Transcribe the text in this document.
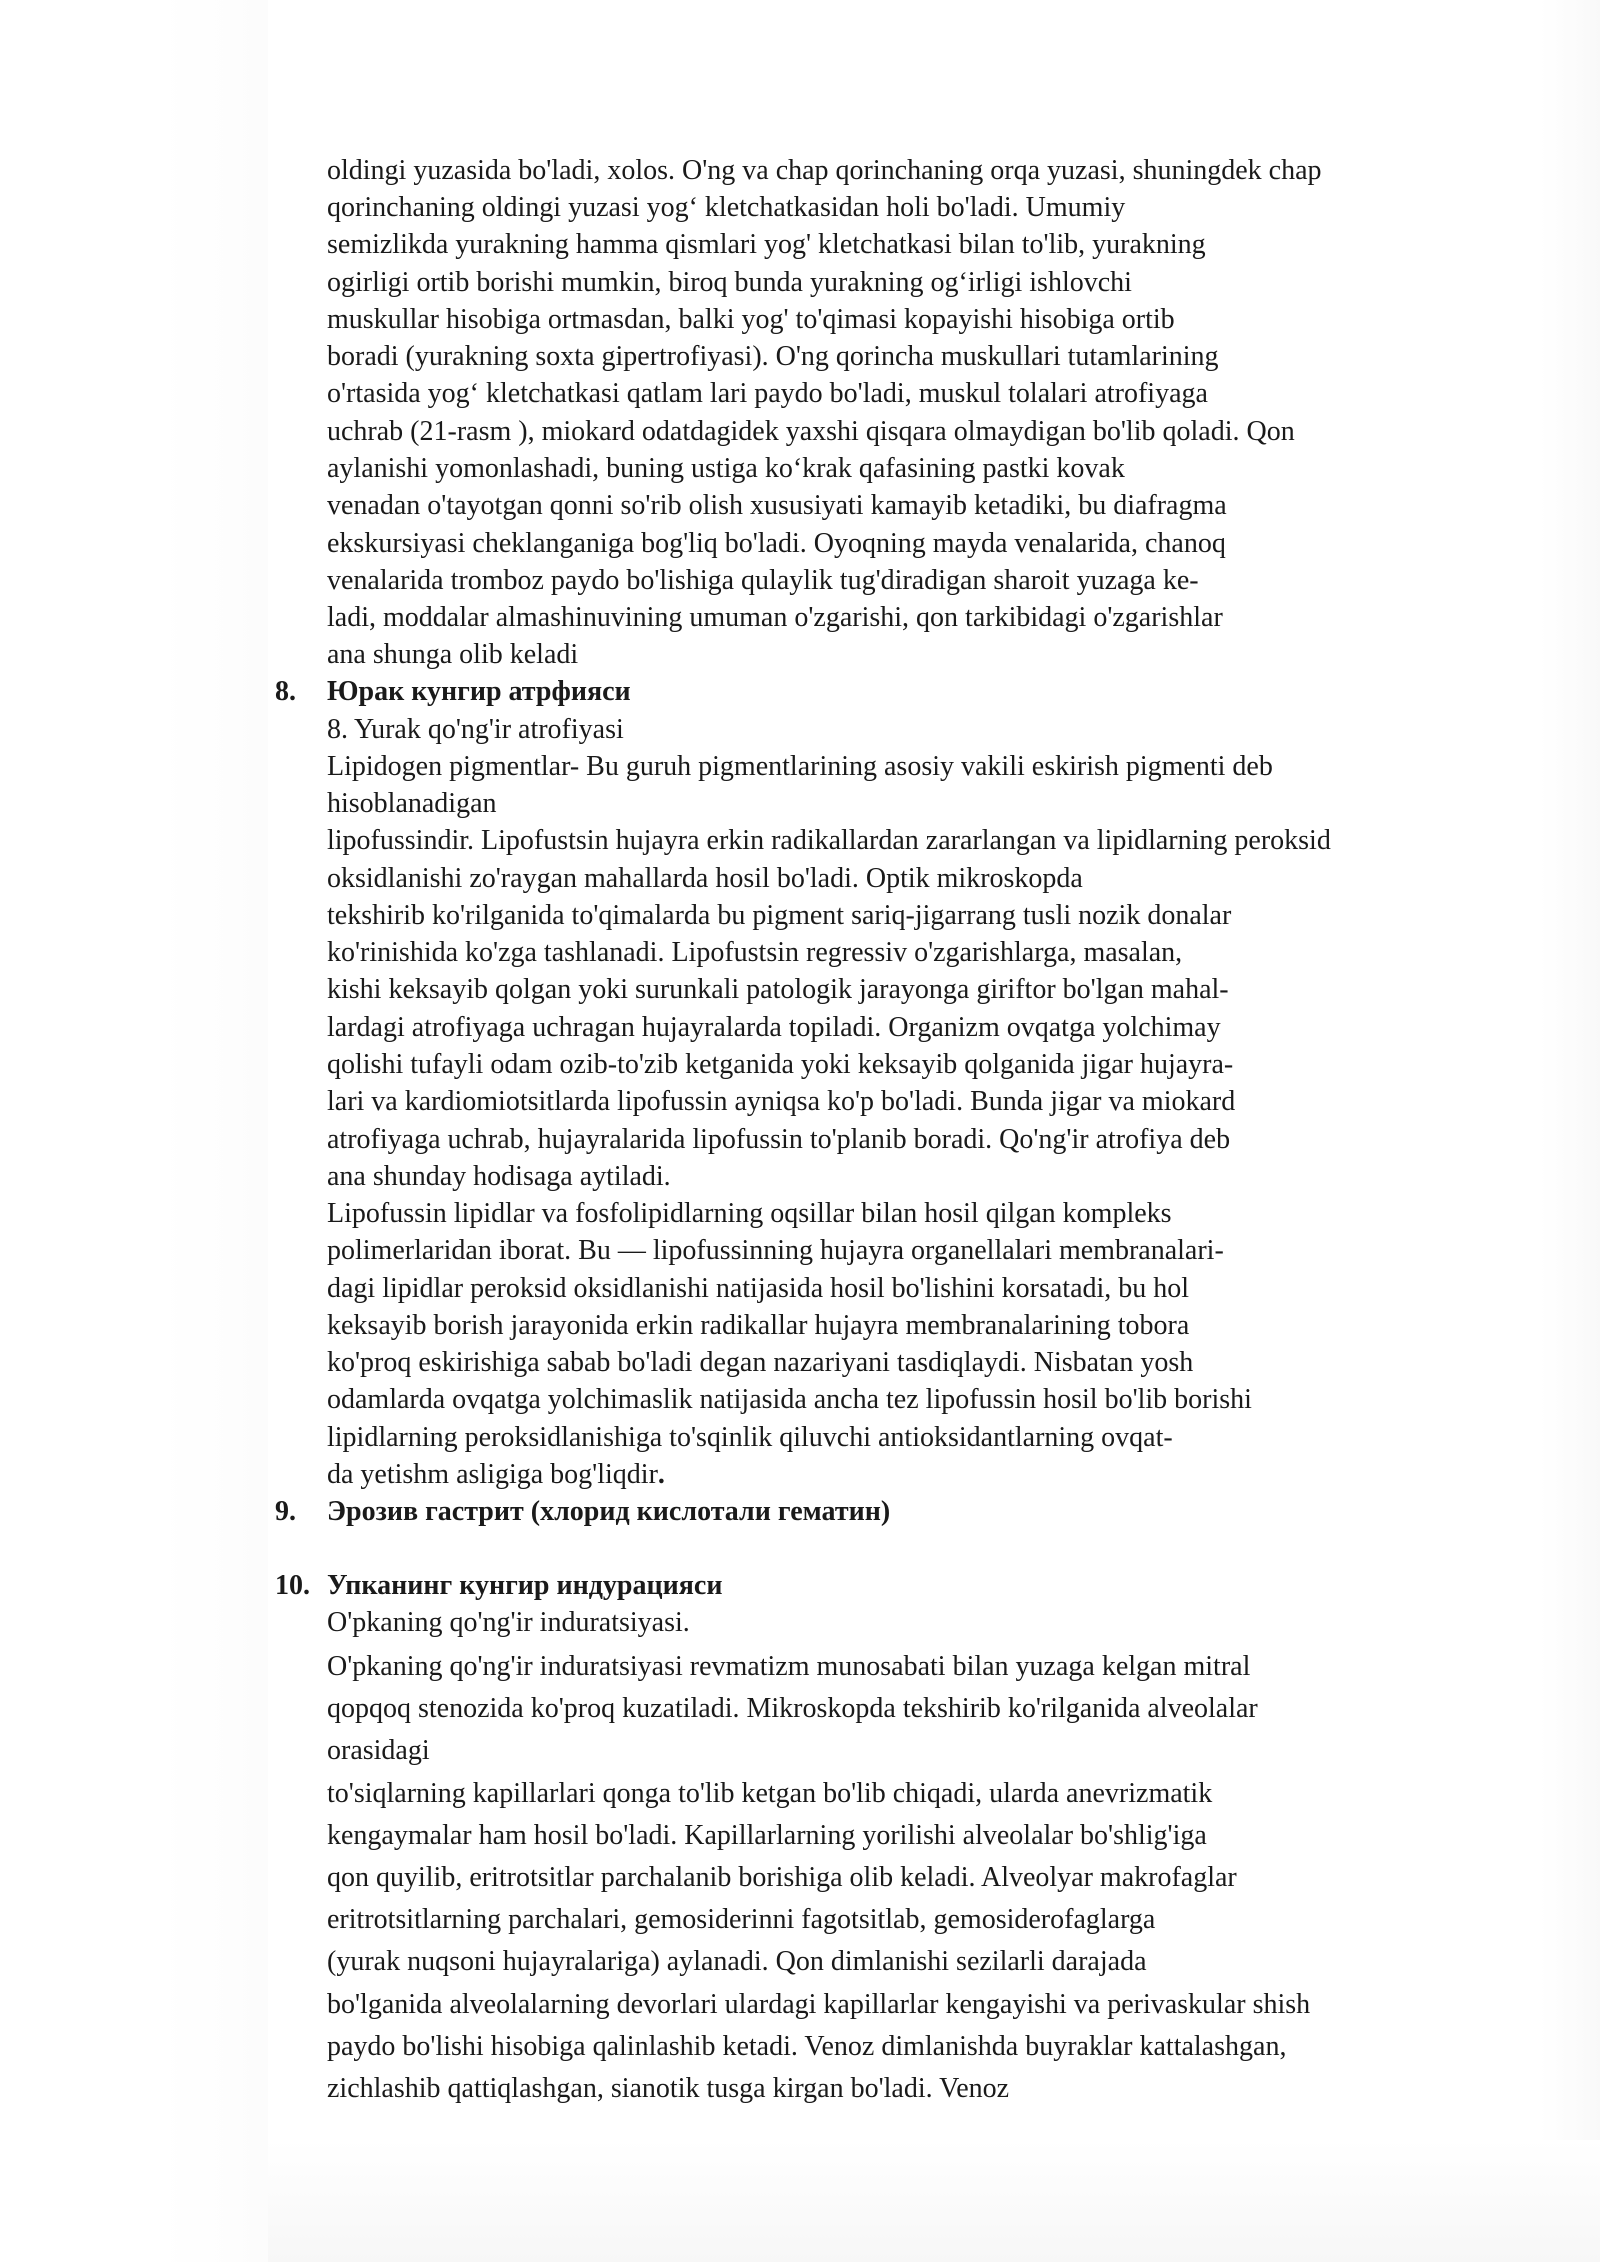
oldingi yuzasida bo'ladi, xolos. O'ng va chap qorinchaning orqa yuzasi, shuningdek chap
qorinchaning oldingi yuzasi yog‘ kletchatkasidan holi bo'ladi. Umumiy
semizlikda yurakning hamma qismlari yog' kletchatkasi bilan to'lib, yurakning
ogirligi ortib borishi mumkin, biroq bunda yurakning og‘irligi ishlovchi
muskullar hisobiga ortmasdan, balki yog' to'qimasi kopayishi hisobiga ortib
boradi (yurakning soxta gipertrofiyasi). O'ng qorincha muskullari tutamlarining
o'rtasida yog‘ kletchatkasi qatlam lari paydo bo'ladi, muskul tolalari atrofiyaga
uchrab (21-rasm ), miokard odatdagidek yaxshi qisqara olmaydigan bo'lib qoladi. Qon
aylanishi yomonlashadi, buning ustiga ko‘krak qafasining pastki kovak
venadan o'tayotgan qonni so'rib olish xususiyati kamayib ketadiki, bu diafragma
ekskursiyasi cheklanganiga bog'liq bo'ladi. Oyoqning mayda venalarida, chanoq
venalarida tromboz paydo bo'lishiga qulaylik tug'diradigan sharoit yuzaga ke-
ladi, moddalar almashinuvining umuman o'zgarishi, qon tarkibidagi o'zgarishlar
ana shunga olib keladi
8. Юрак кунгир атрфияси
8. Yurak qo'ng'ir atrofiyasi
Lipidogen pigmentlar- Bu guruh pigmentlarining asosiy vakili eskirish pigmenti deb
hisoblanadigan
lipofussindir. Lipofustsin hujayra erkin radikallardan zararlangan va lipidlarning peroksid
oksidlanishi zo'raygan mahallarda hosil bo'ladi. Optik mikroskopda
tekshirib ko'rilganida to'qimalarda bu pigment sariq-jigarrang tusli nozik donalar
ko'rinishida ko'zga tashlanadi. Lipofustsin regressiv o'zgarishlarga, masalan,
kishi keksayib qolgan yoki surunkali patologik jarayonga giriftor bo'lgan mahal-
lardagi atrofiyaga uchragan hujayralarda topiladi. Organizm ovqatga yolchimay
qolishi tufayli odam ozib-to'zib ketganida yoki keksayib qolganida jigar hujayra-
lari va kardiomiotsitlarda lipofussin ayniqsa ko'p bo'ladi. Bunda jigar va miokard
atrofiyaga uchrab, hujayralarida lipofussin to'planib boradi. Qo'ng'ir atrofiya deb
ana shunday hodisaga aytiladi.
Lipofussin lipidlar va fosfolipidlarning oqsillar bilan hosil qilgan kompleks
polimerlaridan iborat. Bu — lipofussinning hujayra organellalari membranalari-
dagi lipidlar peroksid oksidlanishi natijasida hosil bo'lishini korsatadi, bu hol
keksayib borish jarayonida erkin radikallar hujayra membranalarining tobora
ko'proq eskirishiga sabab bo'ladi degan nazariyani tasdiqlaydi. Nisbatan yosh
odamlarda ovqatga yolchimaslik natijasida ancha tez lipofussin hosil bo'lib borishi
lipidlarning peroksidlanishiga to'sqinlik qiluvchi antioksidantlarning ovqat-
da yetishm asligiga bog'liqdir.
9. Эрозив гастрит (хлорид кислотали гематин)
10. Упканинг кунгир индурацияси
O'pkaning qo'ng'ir induratsiyasi.
O'pkaning qo'ng'ir induratsiyasi revmatizm munosabati bilan yuzaga kelgan mitral
qopqoq stenozida ko'proq kuzatiladi. Mikroskopda tekshirib ko'rilganida alveolalar
orasidagi
to'siqlarning kapillarlari qonga to'lib ketgan bo'lib chiqadi, ularda anevrizmatik
kengaymalar ham hosil bo'ladi. Kapillarlarning yorilishi alveolalar bo'shlig'iga
qon quyilib, eritrotsitlar parchalanib borishiga olib keladi. Alveolyar makrofaglar
eritrotsitlarning parchalari, gemosiderinni fagotsitlab, gemosiderofaglarga
(yurak nuqsoni hujayralariga) aylanadi. Qon dimlanishi sezilarli darajada
bo'lganida alveolalarning devorlari ulardagi kapillarlar kengayishi va perivaskular shish
paydo bo'lishi hisobiga qalinlashib ketadi. Venoz dimlanishda buyraklar kattalashgan,
zichlashib qattiqlashgan, sianotik tusga kirgan bo'ladi. Venoz
